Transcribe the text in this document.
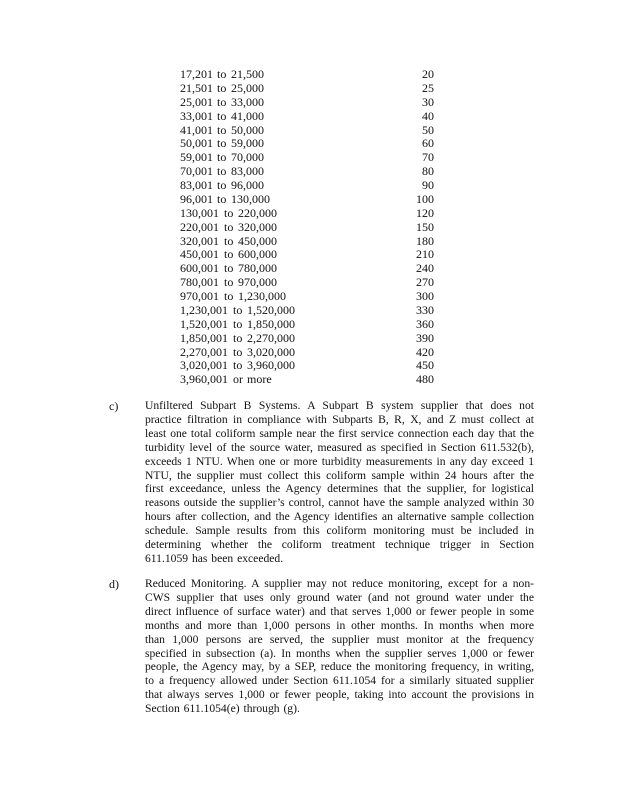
17,201 to 21,500	20
21,501 to 25,000	25
25,001 to 33,000	30
33,001 to 41,000	40
41,001 to 50,000	50
50,001 to 59,000	60
59,001 to 70,000	70
70,001 to 83,000	80
83,001 to 96,000	90
96,001 to 130,000	100
130,001 to 220,000	120
220,001 to 320,000	150
320,001 to 450,000	180
450,001 to 600,000	210
600,001 to 780,000	240
780,001 to 970,000	270
970,001 to 1,230,000	300
1,230,001 to 1,520,000	330
1,520,001 to 1,850,000	360
1,850,001 to 2,270,000	390
2,270,001 to 3,020,000	420
3,020,001 to 3,960,000	450
3,960,001 or more	480
c) Unfiltered Subpart B Systems. A Subpart B system supplier that does not practice filtration in compliance with Subparts B, R, X, and Z must collect at least one total coliform sample near the first service connection each day that the turbidity level of the source water, measured as specified in Section 611.532(b), exceeds 1 NTU. When one or more turbidity measurements in any day exceed 1 NTU, the supplier must collect this coliform sample within 24 hours after the first exceedance, unless the Agency determines that the supplier, for logistical reasons outside the supplier’s control, cannot have the sample analyzed within 30 hours after collection, and the Agency identifies an alternative sample collection schedule. Sample results from this coliform monitoring must be included in determining whether the coliform treatment technique trigger in Section 611.1059 has been exceeded.
d) Reduced Monitoring. A supplier may not reduce monitoring, except for a non-CWS supplier that uses only ground water (and not ground water under the direct influence of surface water) and that serves 1,000 or fewer people in some months and more than 1,000 persons in other months. In months when more than 1,000 persons are served, the supplier must monitor at the frequency specified in subsection (a). In months when the supplier serves 1,000 or fewer people, the Agency may, by a SEP, reduce the monitoring frequency, in writing, to a frequency allowed under Section 611.1054 for a similarly situated supplier that always serves 1,000 or fewer people, taking into account the provisions in Section 611.1054(e) through (g).
